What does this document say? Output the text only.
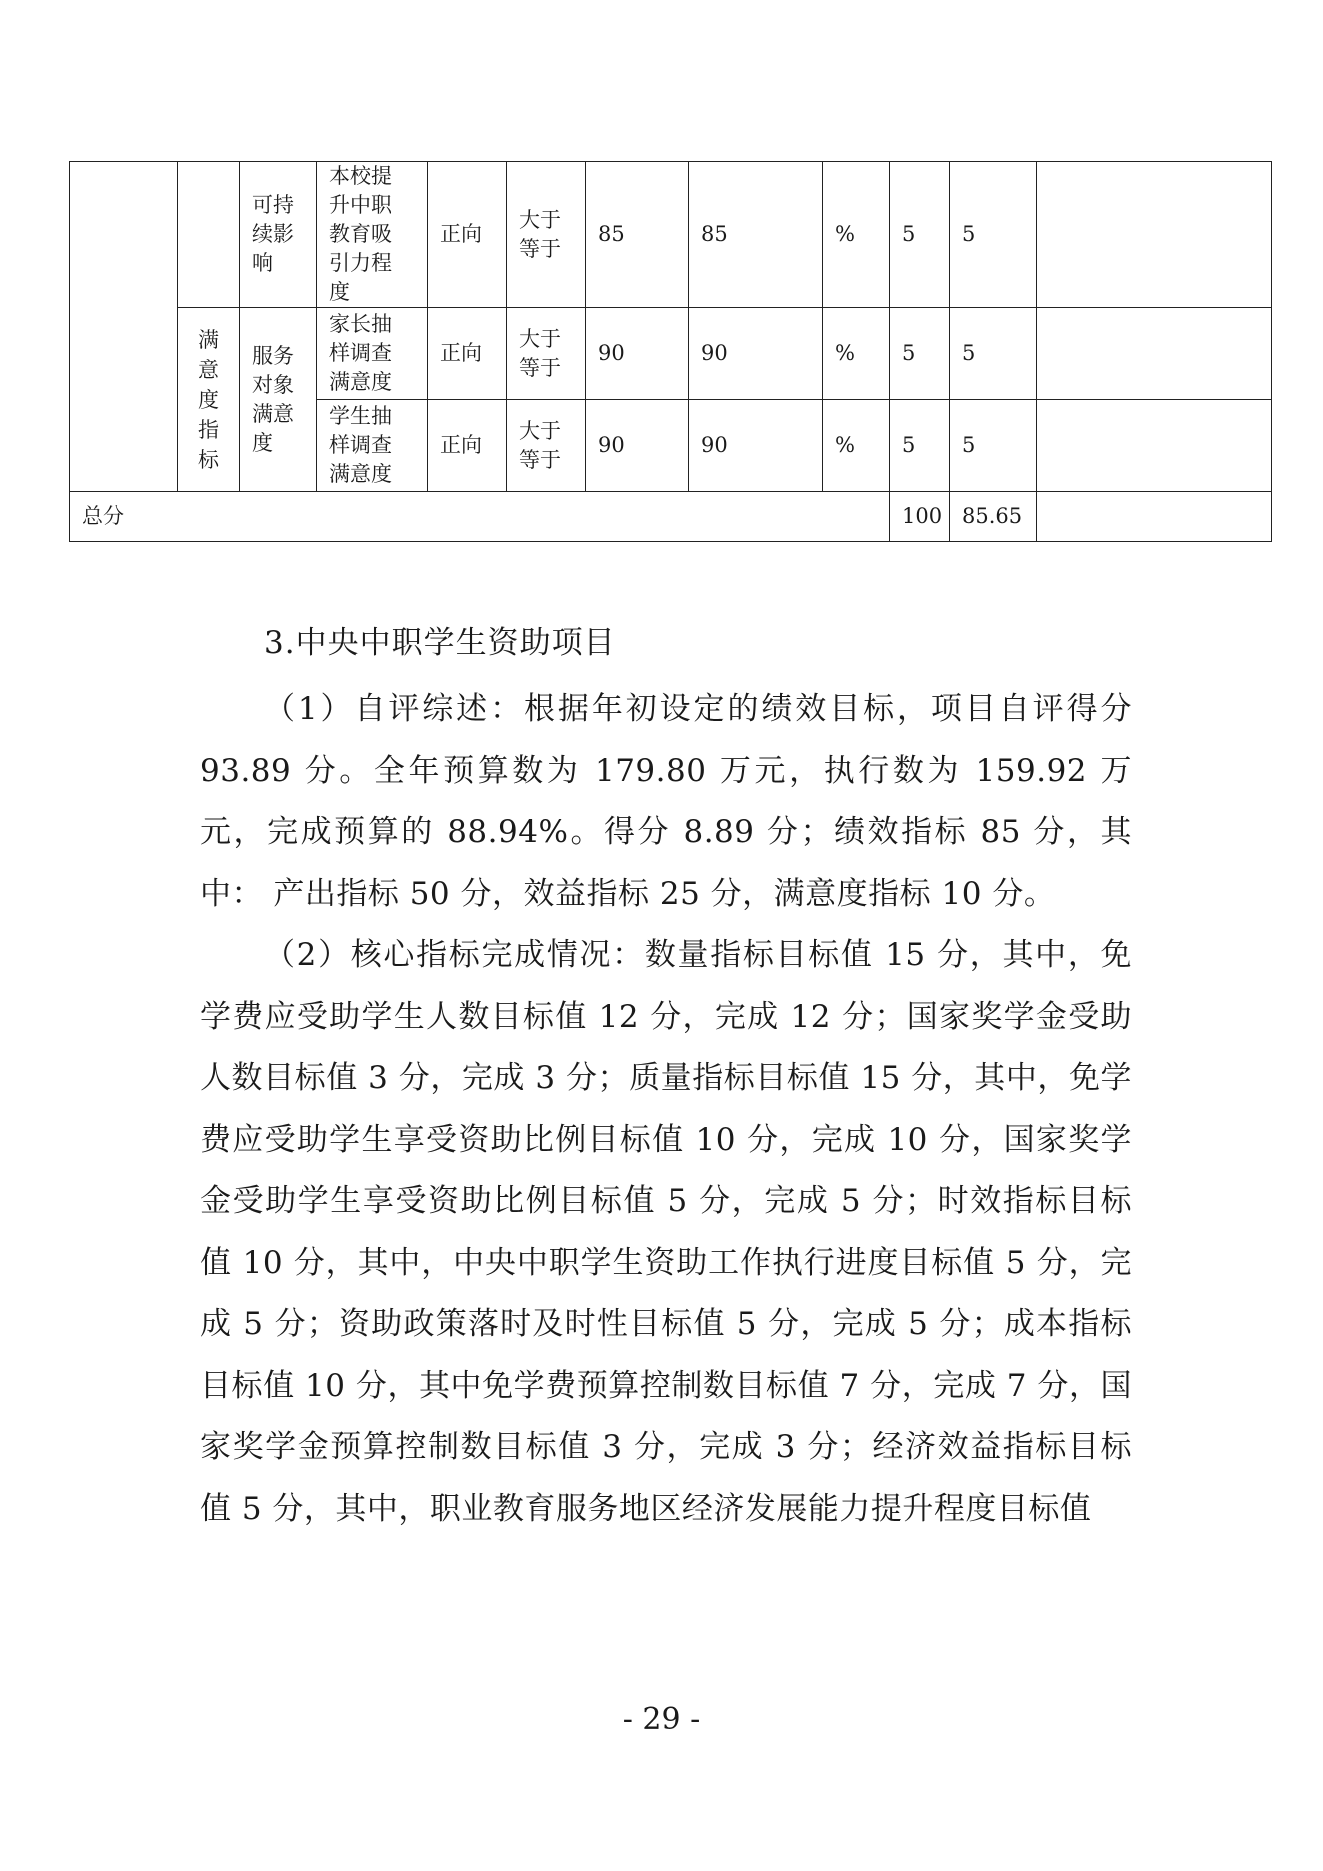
		可持续影响	本校提升中职教育吸引力程度	正向	大于等于	85	85	%	5	5	
	满意度指标	服务对象满意度	家长抽样调查满意度	正向	大于等于	90	90	%	5	5	

			学生抽样调查满意度	正向	大于等于	90	90	%	5	5	
总分									100	85.65	
3.中央中职学生资助项目

（1）自评综述：根据年初设定的绩效目标，项目自评得分 93.89 分。全年预算数为 179.80 万元，执行数为 159.92 万元，完成预算的 88.94%。得分 8.89 分；绩效指标 85 分，其中： 产出指标 50 分，效益指标 25 分，满意度指标 10 分。

（2）核心指标完成情况：数量指标目标值 15 分，其中，免学费应受助学生人数目标值 12 分，完成 12 分；国家奖学金受助人数目标值 3 分，完成 3 分；质量指标目标值 15 分，其中，免学费应受助学生享受资助比例目标值 10 分，完成 10 分，国家奖学金受助学生享受资助比例目标值 5 分，完成 5 分；时效指标目标值 10 分，其中，中央中职学生资助工作执行进度目标值 5 分，完成 5 分；资助政策落时及时性目标值 5 分，完成 5 分；成本指标目标值 10 分，其中免学费预算控制数目标值 7 分，完成 7 分，国家奖学金预算控制数目标值 3 分，完成 3 分；经济效益指标目标值 5 分，其中，职业教育服务地区经济发展能力提升程度目标值

- 29 -
